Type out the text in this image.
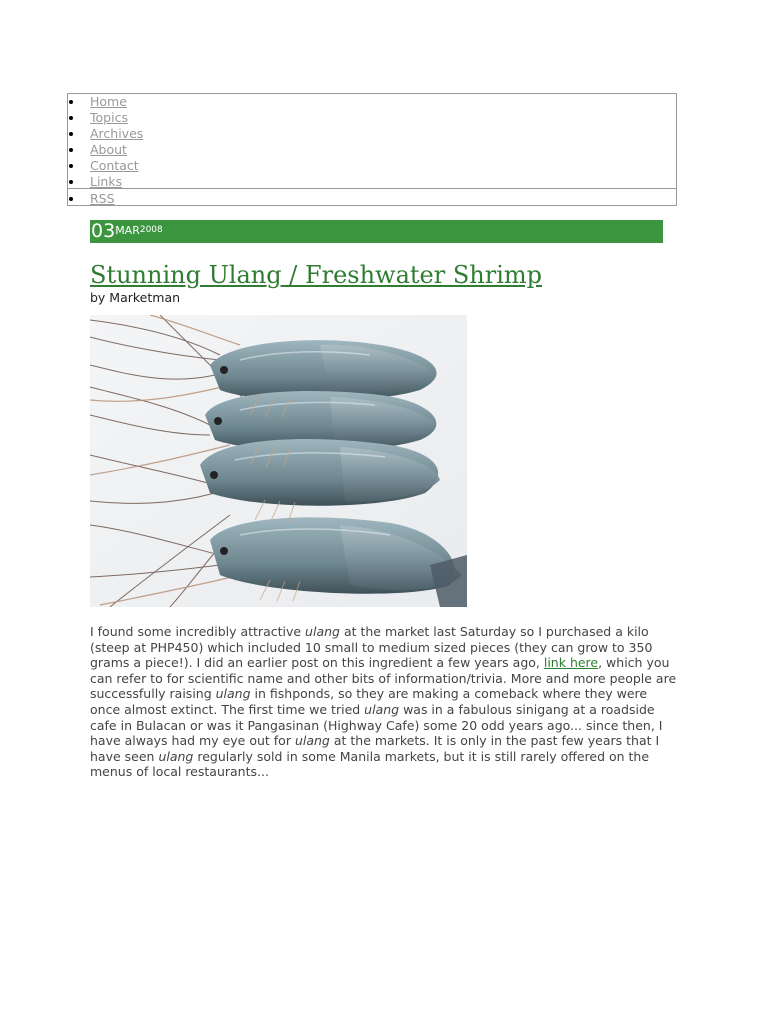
Home
Topics
Archives
About
Contact
Links
RSS
03MAR2008
Stunning Ulang / Freshwater Shrimp
by Marketman

I found some incredibly attractive ulang at the market last Saturday so I purchased a kilo (steep at PHP450) which included 10 small to medium sized pieces (they can grow to 350 grams a piece!). I did an earlier post on this ingredient a few years ago, link here, which you can refer to for scientific name and other bits of information/trivia. More and more people are successfully raising ulang in fishponds, so they are making a comeback where they were once almost extinct. The first time we tried ulang was in a fabulous sinigang at a roadside cafe in Bulacan or was it Pangasinan (Highway Cafe) some 20 odd years ago... since then, I have always had my eye out for ulang at the markets. It is only in the past few years that I have seen ulang regularly sold in some Manila markets, but it is still rarely offered on the menus of local restaurants...
